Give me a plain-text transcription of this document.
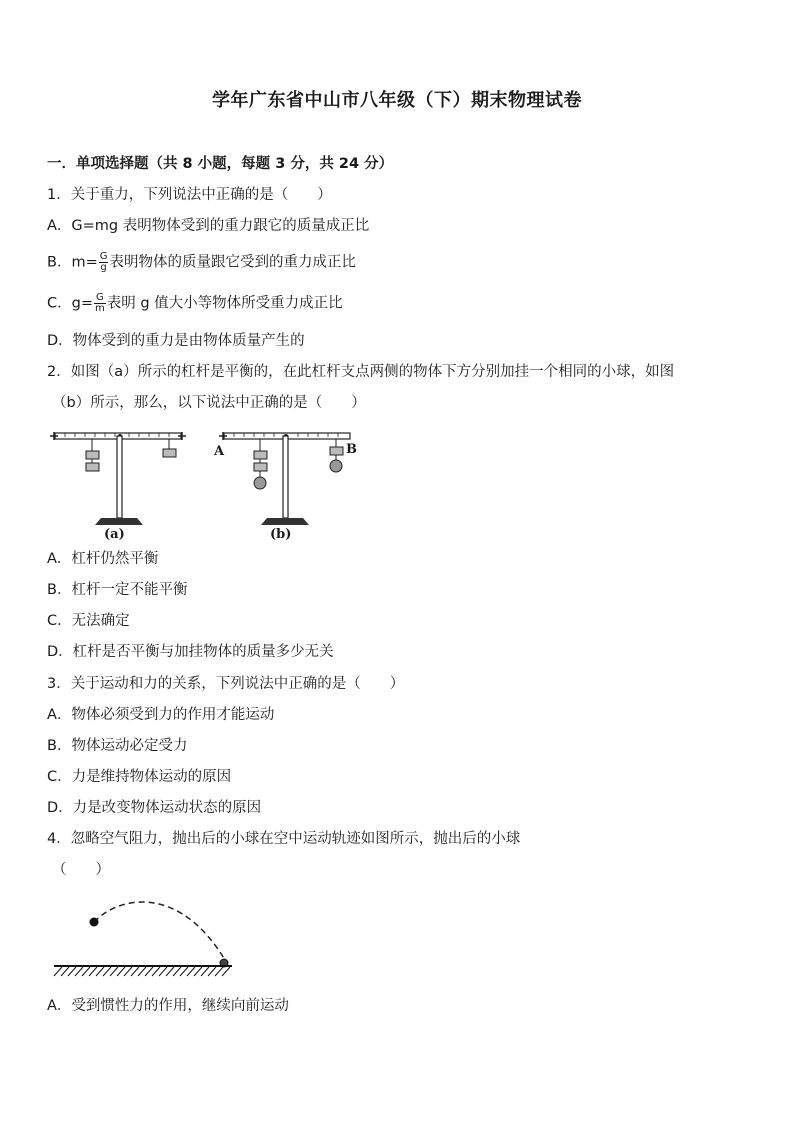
学年广东省中山市八年级（下）期末物理试卷
一．单项选择题（共 8 小题，每题 3 分，共 24 分）
1．关于重力，下列说法中正确的是（　　）
A．G=mg 表明物体受到的重力跟它的质量成正比
B．$m= \frac{G}{g}$ 表明物体的质量跟它受到的重力成正比
C．$g= \frac{G}{m}$ 表明 g 值大小等物体所受重力成正比
D．物体受到的重力是由物体质量产生的
2．如图（a）所示的杠杆是平衡的，在此杠杆支点两侧的物体下方分别加挂一个相同的小球，如图
（b）所示，那么，以下说法中正确的是（　　）
(a)
A	B
(b)
A．杠杆仍然平衡
B．杠杆一定不能平衡
C．无法确定
D．杠杆是否平衡与加挂物体的质量多少无关
3．关于运动和力的关系，下列说法中正确的是（　　）
A．物体必须受到力的作用才能运动
B．物体运动必定受力
C．力是维持物体运动的原因
D．力是改变物体运动状态的原因
4．忽略空气阻力，抛出后的小球在空中运动轨迹如图所示，抛出后的小球
（　　）
A．受到惯性力的作用，继续向前运动
